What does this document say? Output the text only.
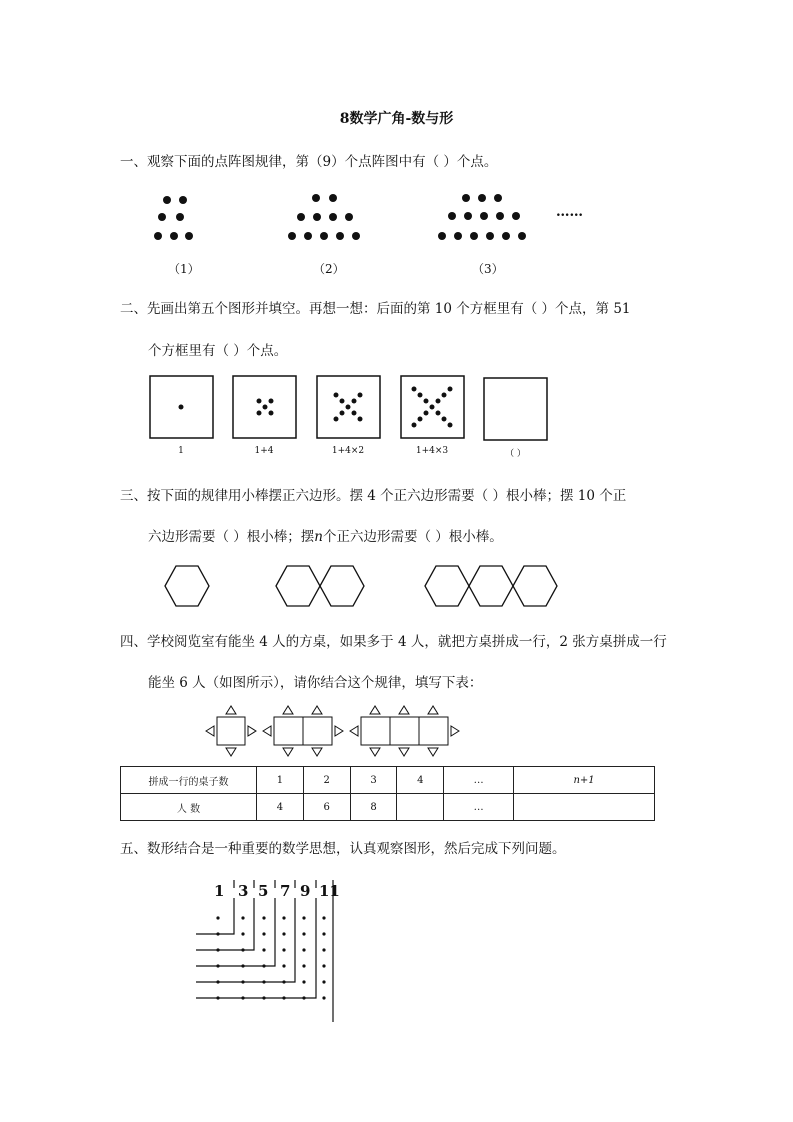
8数学广角-数与形
一、观察下面的点阵图规律，第（9）个点阵图中有（ ）个点。
……
（1）	（2）	（3）
二、先画出第五个图形并填空。再想一想：后面的第 10 个方框里有（ ）个点，第 51
个方框里有（ ）个点。
1	1+4	1+4×2	1+4×3	（ ）
三、按下面的规律用小棒摆正六边形。摆 4 个正六边形需要（ ）根小棒；摆 10 个正
六边形需要（ ）根小棒；摆n个正六边形需要（ ）根小棒。
四、学校阅览室有能坐 4 人的方桌，如果多于 4 人，就把方桌拼成一行，2 张方桌拼成一行
能坐 6 人（如图所示），请你结合这个规律，填写下表：
拼成一行的桌子数	1	2	3	4	…	n+1
人 数	4	6	8		…	
五、数形结合是一种重要的数学思想，认真观察图形，然后完成下列问题。
1 3 5 7 9 11
